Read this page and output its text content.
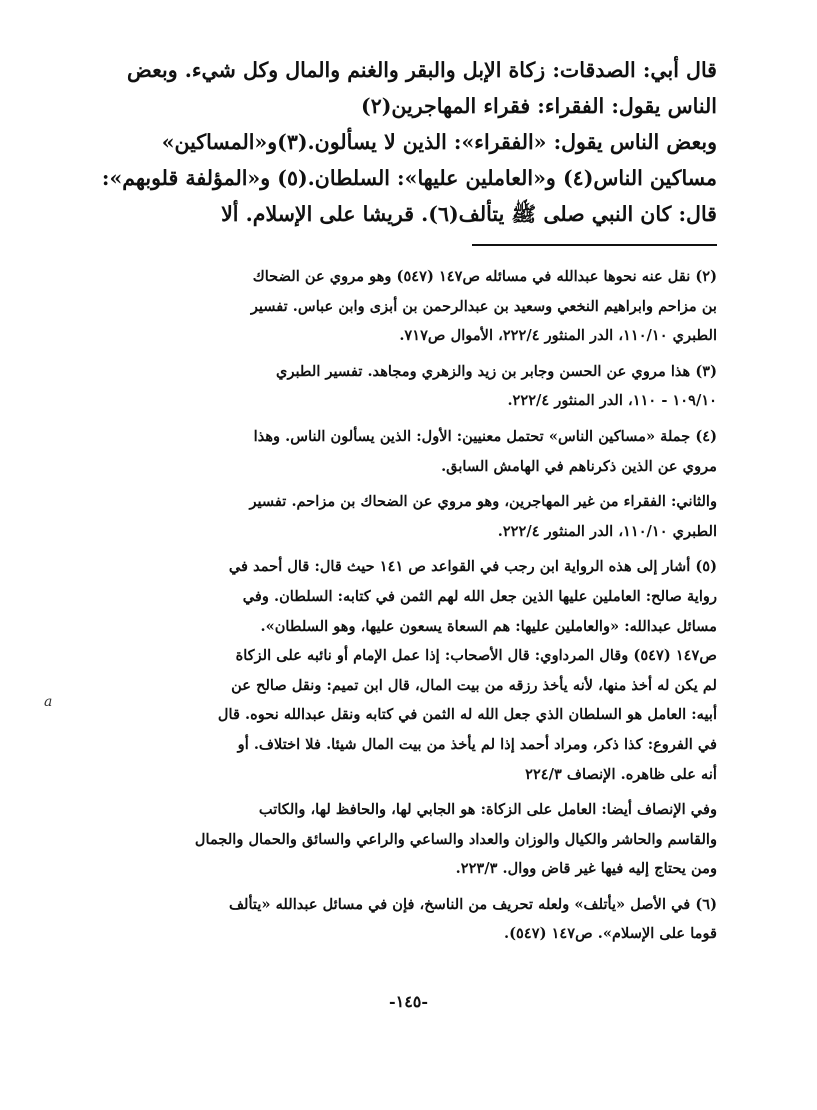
قال أبي: الصدقات: زكاة الإبل والبقر والغنم والمال وكل شيء. وبعض
الناس يقول: الفقراء: فقراء المهاجرين(٢)
وبعض الناس يقول: «الفقراء»: الذين لا يسألون.(٣)و«المساكين»
مساكين الناس(٤) و«العاملين عليها»: السلطان.(٥) و«المؤلفة قلوبهم»:
قال: كان النبي صلى ﷺ يتألف(٦). قريشا على الإسلام. ألا
(٢) نقل عنه نحوها عبدالله في مسائله ص١٤٧ (٥٤٧) وهو مروي عن الضحاك
بن مزاحم وابراهيم النخعي وسعيد بن عبدالرحمن بن أبزى وابن عباس. تفسير
الطبري ١١٠/١٠، الدر المنثور ٢٢٢/٤، الأموال ص٧١٧.
(٣) هذا مروي عن الحسن وجابر بن زيد والزهري ومجاهد. تفسير الطبري
١٠٩/١٠ - ١١٠، الدر المنثور ٢٢٢/٤.
(٤) جملة «مساكين الناس» تحتمل معنيين: الأول: الذين يسألون الناس. وهذا
مروي عن الذين ذكرناهم في الهامش السابق.
والثاني: الفقراء من غير المهاجرين، وهو مروي عن الضحاك بن مزاحم. تفسير
الطبري ١١٠/١٠، الدر المنثور ٢٢٢/٤.
(٥) أشار إلى هذه الرواية ابن رجب في القواعد ص ١٤١ حيث قال: قال أحمد في
رواية صالح: العاملين عليها الذين جعل الله لهم الثمن في كتابه: السلطان. وفي
مسائل عبدالله: «والعاملين عليها: هم السعاة يسعون عليها، وهو السلطان».
ص١٤٧ (٥٤٧) وقال المرداوي: قال الأصحاب: إذا عمل الإمام أو نائبه على الزكاة
لم يكن له أخذ منها، لأنه يأخذ رزقه من بيت المال، قال ابن تميم: ونقل صالح عن
أبيه: العامل هو السلطان الذي جعل الله له الثمن في كتابه ونقل عبدالله نحوه. قال
في الفروع: كذا ذكر، ومراد أحمد إذا لم يأخذ من بيت المال شيئا. فلا اختلاف. أو
أنه على ظاهره. الإنصاف ٢٢٤/٣
وفي الإنصاف أيضا: العامل على الزكاة: هو الجابي لها، والحافظ لها، والكاتب
والقاسم والحاشر والكيال والوزان والعداد والساعي والراعي والسائق والحمال والجمال
ومن يحتاج إليه فيها غير قاض ووال. ٢٢٣/٣.
(٦) في الأصل «يأتلف» ولعله تحريف من الناسخ، فإن في مسائل عبدالله «يتألف
قوما على الإسلام». ص١٤٧ (٥٤٧).
-١٤٥-
a
